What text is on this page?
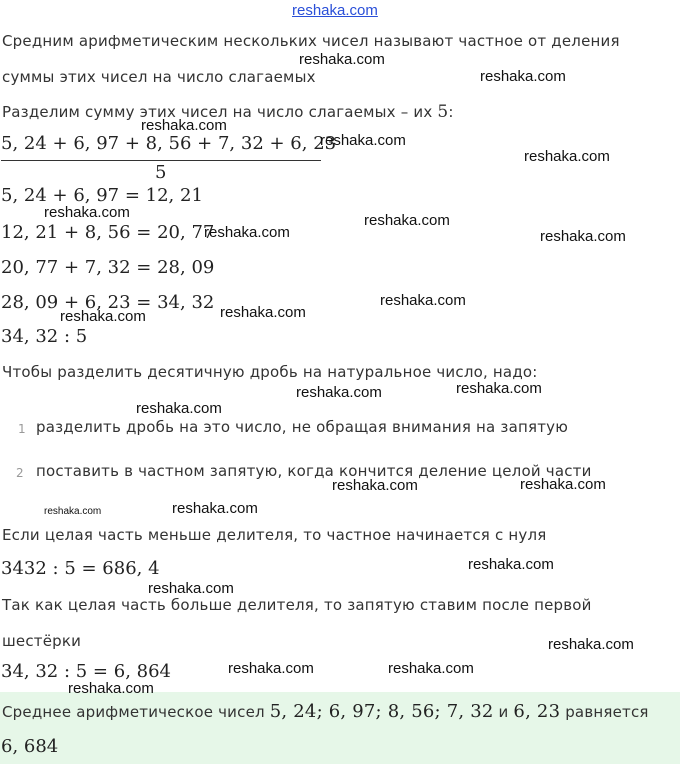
reshaka.com
Средним арифметическим нескольких чисел называют частное от деления
суммы этих чисел на число слагаемых
Разделим сумму этих чисел на число слагаемых – их 5:
5, 24 + 6, 97 + 8, 56 + 7, 32 + 6, 23
5
5, 24 + 6, 97 = 12, 21
12, 21 + 8, 56 = 20, 77
20, 77 + 7, 32 = 28, 09
28, 09 + 6, 23 = 34, 32
34, 32 : 5
Чтобы разделить десятичную дробь на натуральное число, надо:
1 разделить дробь на это число, не обращая внимания на запятую
2 поставить в частном запятую, когда кончится деление целой части
Если целая часть меньше делителя, то частное начинается с нуля
3432 : 5 = 686, 4
Так как целая часть больше делителя, то запятую ставим после первой
шестёрки
34, 32 : 5 = 6, 864
Среднее арифметическое чисел 5, 24; 6, 97; 8, 56; 7, 32 и 6, 23 равняется
6, 684
reshaka.com
reshaka.com
reshaka.com
reshaka.com
reshaka.com
reshaka.com	reshaka.com
reshaka.com	reshaka.com
reshaka.com
reshaka.com
reshaka.com
reshaka.com
reshaka.com
reshaka.com
reshaka.com	reshaka.com
reshaka.com	reshaka.com
reshaka.com
reshaka.com
reshaka.com
reshaka.com	reshaka.com
reshaka.com
